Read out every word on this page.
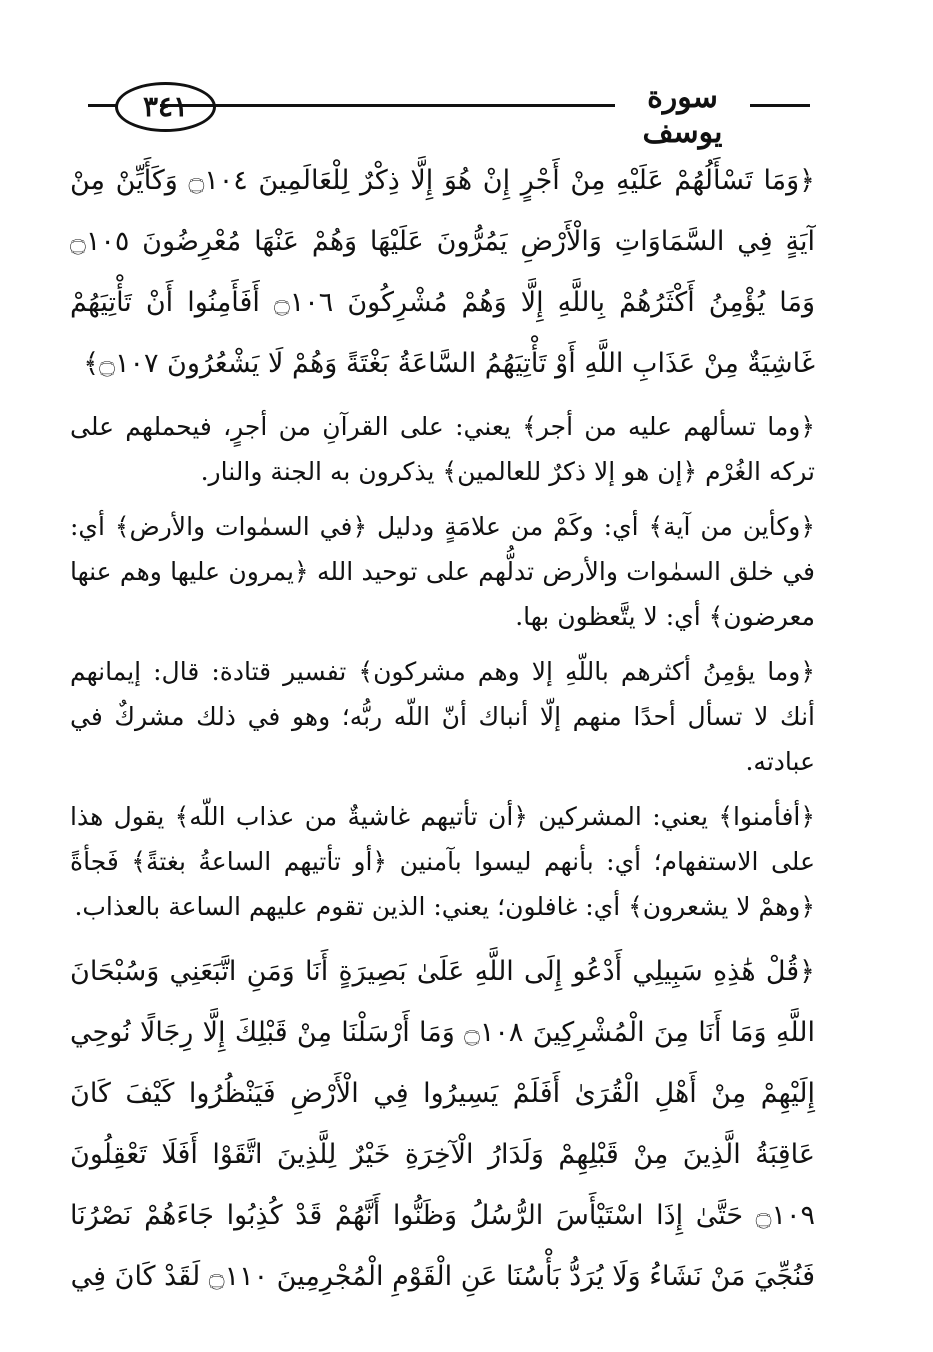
٣٤١	سورة يوسف
﴿وَمَا تَسْأَلُهُمْ عَلَيْهِ مِنْ أَجْرٍ إِنْ هُوَ إِلَّا ذِكْرٌ لِلْعَالَمِينَ ۝١٠٤ وَكَأَيِّنْ مِنْ آيَةٍ فِي السَّمَاوَاتِ وَالْأَرْضِ يَمُرُّونَ عَلَيْهَا وَهُمْ عَنْهَا مُعْرِضُونَ ۝١٠٥ وَمَا يُؤْمِنُ أَكْثَرُهُمْ بِاللَّهِ إِلَّا وَهُمْ مُشْرِكُونَ ۝١٠٦ أَفَأَمِنُوا أَنْ تَأْتِيَهُمْ غَاشِيَةٌ مِنْ عَذَابِ اللَّهِ أَوْ تَأْتِيَهُمُ السَّاعَةُ بَغْتَةً وَهُمْ لَا يَشْعُرُونَ ۝١٠٧﴾
﴿وما تسألهم عليه من أجر﴾ يعني: على القرآنِ من أجرٍ، فيحملهم على تركه الغُرْم ﴿إن هو إلا ذكرٌ للعالمين﴾ يذكرون به الجنة والنار.
﴿وكأين من آية﴾ أي: وكَمْ من علامَةٍ ودليل ﴿في السمٰوات والأرض﴾ أي: في خلق السمٰوات والأرض تدلُّهم على توحيد الله ﴿يمرون عليها وهم عنها معرضون﴾ أي: لا يتَّعظون بها.
﴿وما يؤمِنُ أكثرهم باللّهِ إلا وهم مشركون﴾ تفسير قتادة: قال: إيمانهم أنك لا تسأل أحدًا منهم إلّا أنباك أنّ اللّه ربُّه؛ وهو في ذلك مشركٌ في عبادته.
﴿أفأمنوا﴾ يعني: المشركين ﴿أن تأتيهم غاشيةٌ من عذاب اللّه﴾ يقول هذا على الاستفهام؛ أي: بأنهم ليسوا بآمنين ﴿أو تأتيهم الساعةُ بغتةً﴾ فَجأةً ﴿وهمْ لا يشعرون﴾ أي: غافلون؛ يعني: الذين تقوم عليهم الساعة بالعذاب.
﴿قُلْ هَٰذِهِ سَبِيلِي أَدْعُو إِلَى اللَّهِ عَلَىٰ بَصِيرَةٍ أَنَا وَمَنِ اتَّبَعَنِي وَسُبْحَانَ اللَّهِ وَمَا أَنَا مِنَ الْمُشْرِكِينَ ۝١٠٨ وَمَا أَرْسَلْنَا مِنْ قَبْلِكَ إِلَّا رِجَالًا نُوحِي إِلَيْهِمْ مِنْ أَهْلِ الْقُرَىٰ أَفَلَمْ يَسِيرُوا فِي الْأَرْضِ فَيَنْظُرُوا كَيْفَ كَانَ عَاقِبَةُ الَّذِينَ مِنْ قَبْلِهِمْ وَلَدَارُ الْآخِرَةِ خَيْرٌ لِلَّذِينَ اتَّقَوْا أَفَلَا تَعْقِلُونَ ۝١٠٩ حَتَّىٰ إِذَا اسْتَيْأَسَ الرُّسُلُ وَظَنُّوا أَنَّهُمْ قَدْ كُذِبُوا جَاءَهُمْ نَصْرُنَا فَنُجِّيَ مَنْ نَشَاءُ وَلَا يُرَدُّ بَأْسُنَا عَنِ الْقَوْمِ الْمُجْرِمِينَ ۝١١٠ لَقَدْ كَانَ فِي
